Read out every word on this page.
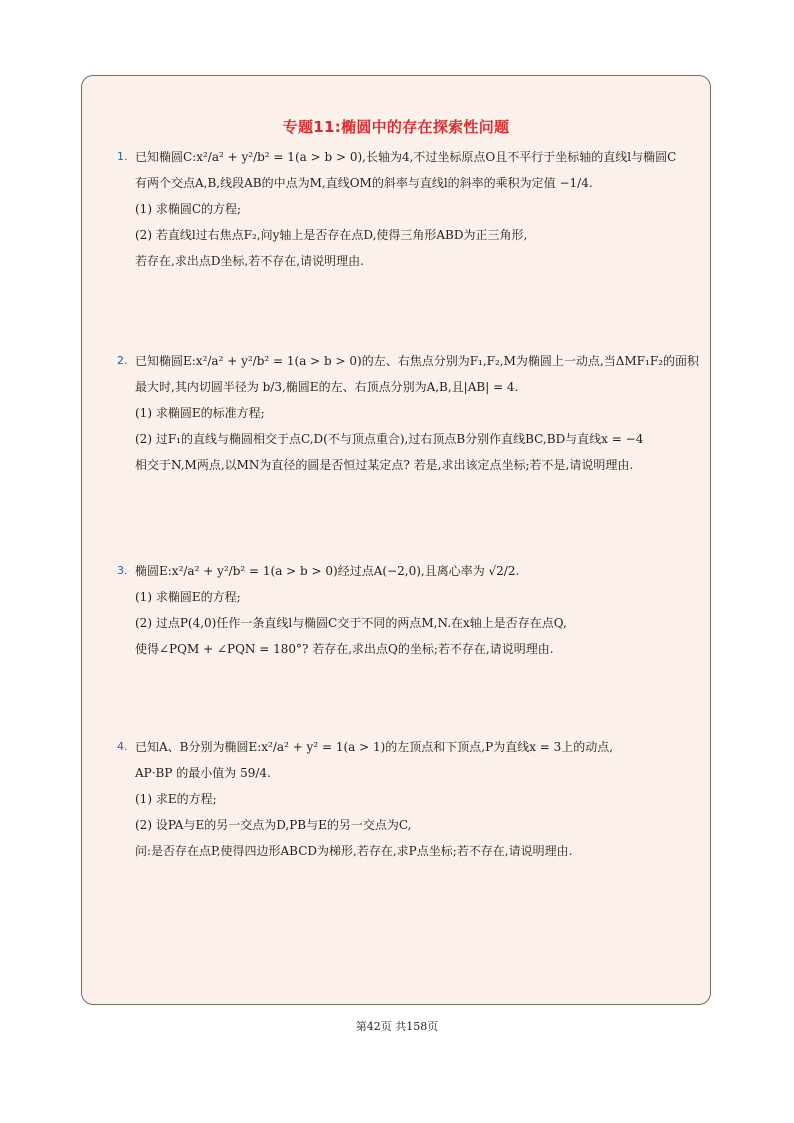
专题11:椭圆中的存在探索性问题
1. 已知椭圆C:x²/a² + y²/b² = 1(a > b > 0),长轴为4,不过坐标原点O且不平行于坐标轴的直线l与椭圆C
有两个交点A,B,线段AB的中点为M,直线OM的斜率与直线l的斜率的乘积为定值 −1/4.
(1) 求椭圆C的方程;
(2) 若直线l过右焦点F₂,问y轴上是否存在点D,使得三角形ABD为正三角形,
若存在,求出点D坐标,若不存在,请说明理由.
2. 已知椭圆E:x²/a² + y²/b² = 1(a > b > 0)的左、右焦点分别为F₁,F₂,M为椭圆上一动点,当ΔMF₁F₂的面积
最大时,其内切圆半径为 b/3,椭圆E的左、右顶点分别为A,B,且|AB| = 4.
(1) 求椭圆E的标准方程;
(2) 过F₁的直线与椭圆相交于点C,D(不与顶点重合),过右顶点B分别作直线BC,BD与直线x = −4
相交于N,M两点,以MN为直径的圆是否恒过某定点? 若是,求出该定点坐标;若不是,请说明理由.
3. 椭圆E:x²/a² + y²/b² = 1(a > b > 0)经过点A(−2,0),且离心率为 √2/2.
(1) 求椭圆E的方程;
(2) 过点P(4,0)任作一条直线l与椭圆C交于不同的两点M,N.在x轴上是否存在点Q,
使得∠PQM + ∠PQN = 180°? 若存在,求出点Q的坐标;若不存在,请说明理由.
4. 已知A、B分别为椭圆E:x²/a² + y² = 1(a > 1)的左顶点和下顶点,P为直线x = 3上的动点,
AP·BP 的最小值为 59/4.
(1) 求E的方程;
(2) 设PA与E的另一交点为D,PB与E的另一交点为C,
问:是否存在点P,使得四边形ABCD为梯形,若存在,求P点坐标;若不存在,请说明理由.
第42页 共158页
